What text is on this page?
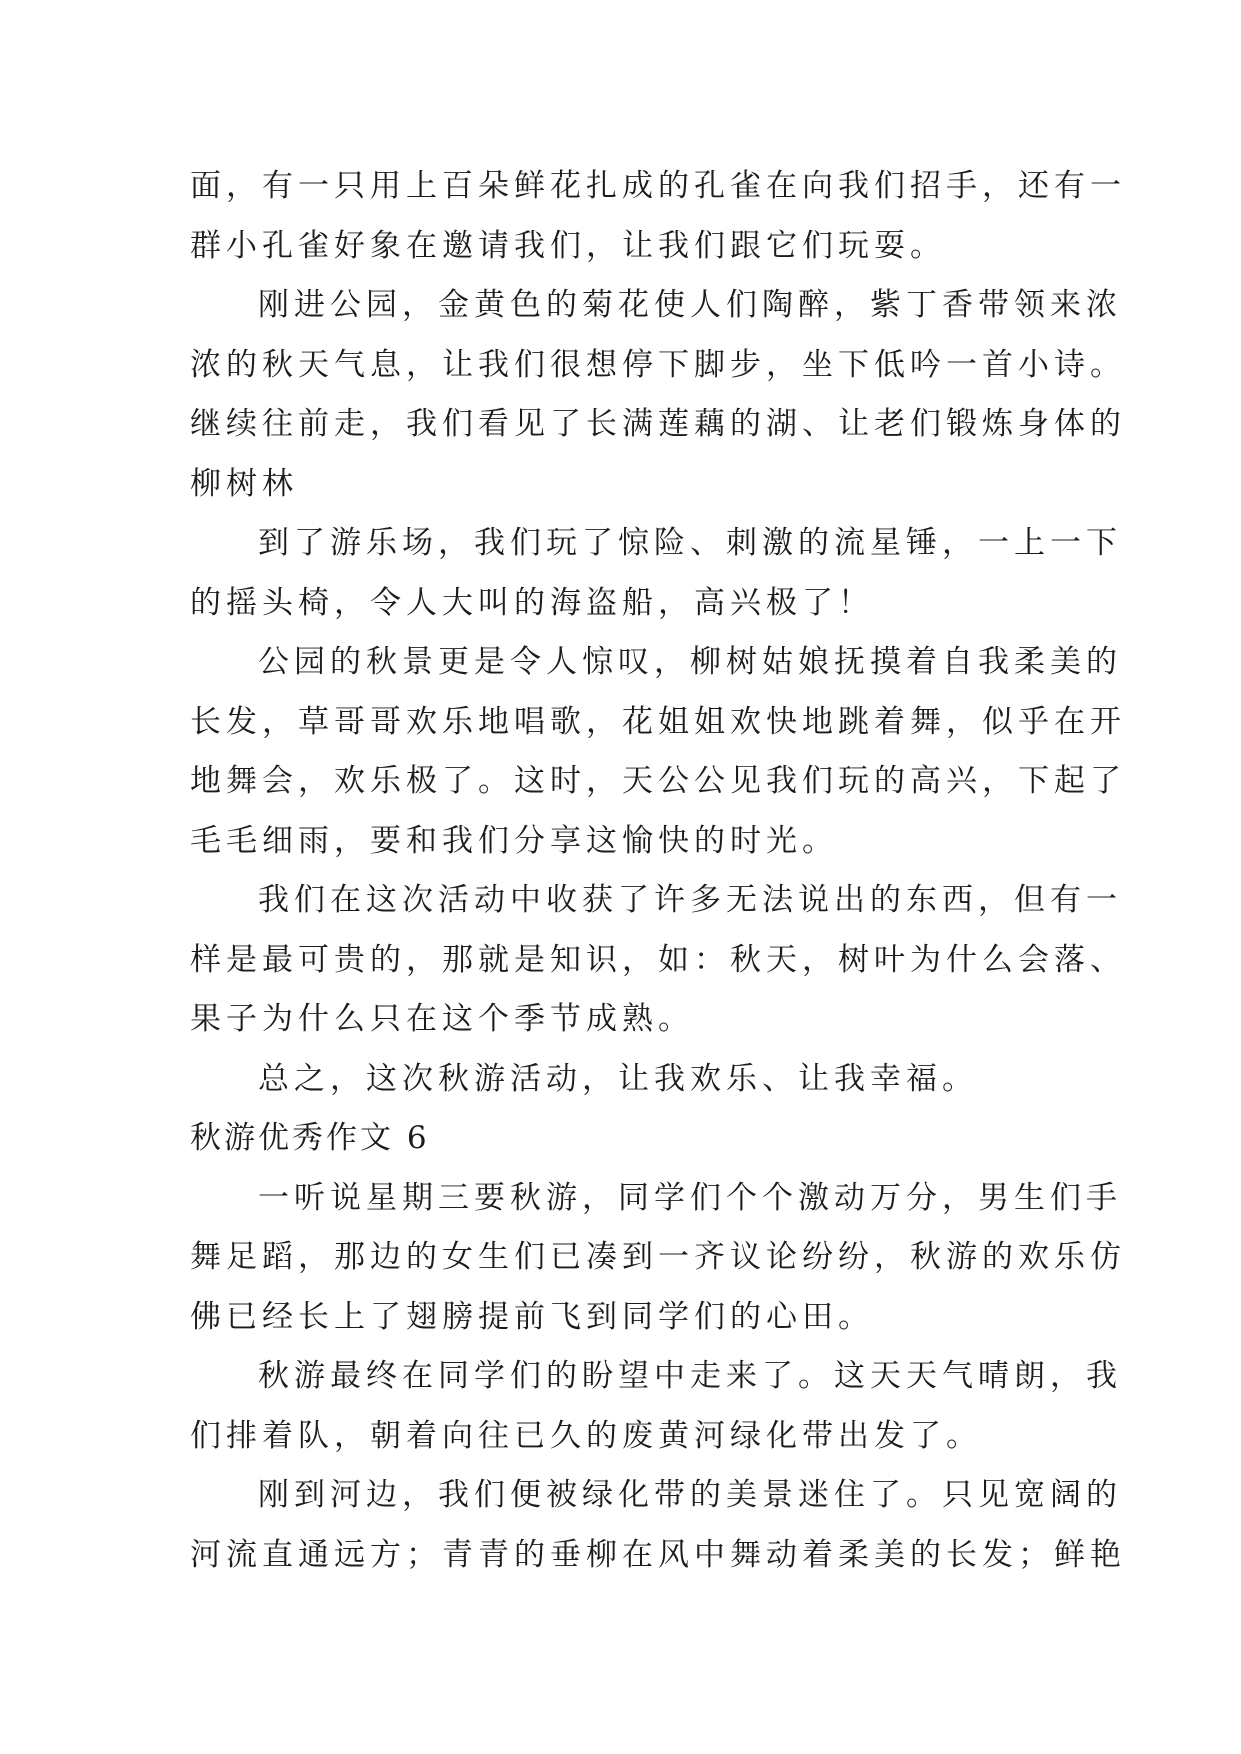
面，有一只用上百朵鲜花扎成的孔雀在向我们招手，还有一
群小孔雀好象在邀请我们，让我们跟它们玩耍。
刚进公园，金黄色的菊花使人们陶醉，紫丁香带领来浓
浓的秋天气息，让我们很想停下脚步，坐下低吟一首小诗。
继续往前走，我们看见了长满莲藕的湖、让老们锻炼身体的
柳树林
到了游乐场，我们玩了惊险、刺激的流星锤，一上一下
的摇头椅，令人大叫的海盗船，高兴极了！
公园的秋景更是令人惊叹，柳树姑娘抚摸着自我柔美的
长发，草哥哥欢乐地唱歌，花姐姐欢快地跳着舞，似乎在开
地舞会，欢乐极了。这时，天公公见我们玩的高兴，下起了
毛毛细雨，要和我们分享这愉快的时光。
我们在这次活动中收获了许多无法说出的东西，但有一
样是最可贵的，那就是知识，如：秋天，树叶为什么会落、
果子为什么只在这个季节成熟。
总之，这次秋游活动，让我欢乐、让我幸福。
秋游优秀作文 6
一听说星期三要秋游，同学们个个激动万分，男生们手
舞足蹈，那边的女生们已凑到一齐议论纷纷，秋游的欢乐仿
佛已经长上了翅膀提前飞到同学们的心田。
秋游最终在同学们的盼望中走来了。这天天气晴朗，我
们排着队，朝着向往已久的废黄河绿化带出发了。
刚到河边，我们便被绿化带的美景迷住了。只见宽阔的
河流直通远方；青青的垂柳在风中舞动着柔美的长发；鲜艳
